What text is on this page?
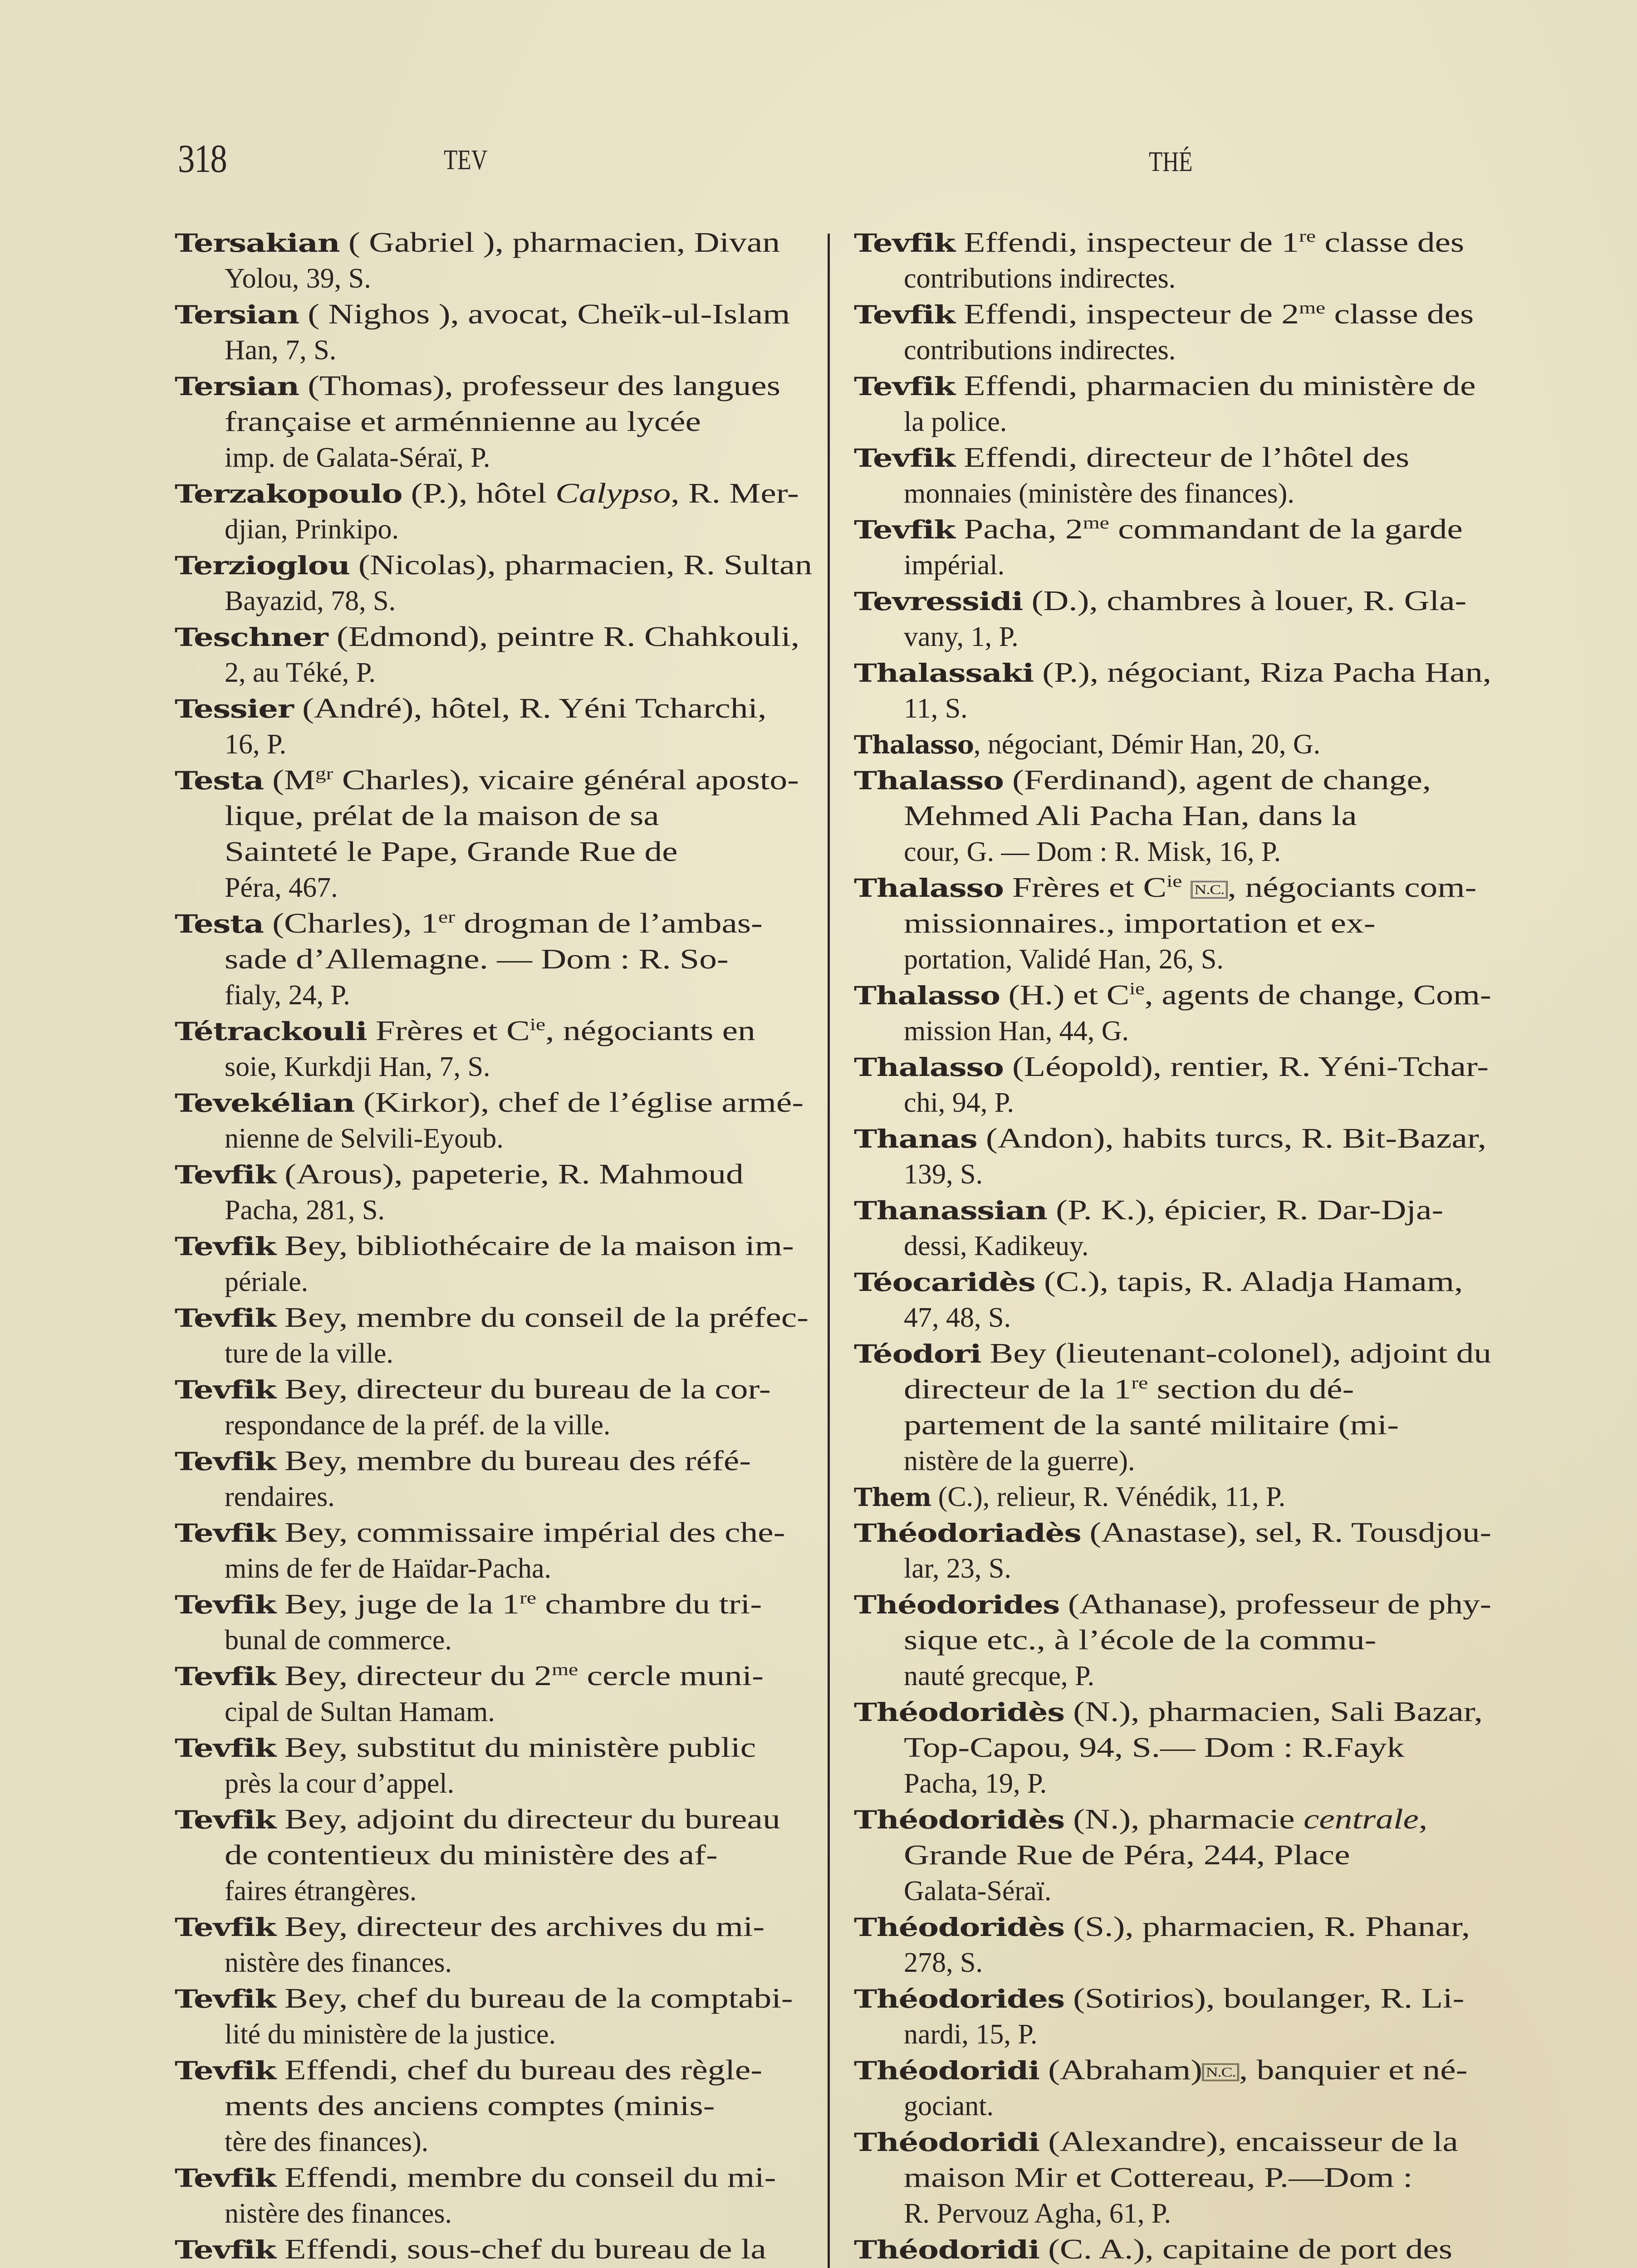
318	TEV	THÉ
Tersakian ( Gabriel ), pharmacien, Divan
Yolou, 39, S.
Tersian ( Nighos ), avocat, Cheïk-ul-Islam
Han, 7, S.
Tersian (Thomas), professeur des langues
française et arménnienne au lycée
imp. de Galata-Séraï, P.
Terzakopoulo (P.), hôtel Calypso, R. Mer-
djian, Prinkipo.
Terzioglou (Nicolas), pharmacien, R. Sultan
Bayazid, 78, S.
Teschner (Edmond), peintre R. Chahkouli,
2, au Téké, P.
Tessier (André), hôtel, R. Yéni Tcharchi,
16, P.
Testa ($M^{gr}$ Charles), vicaire général aposto-
lique, prélat de la maison de sa
Sainteté le Pape, Grande Rue de
Péra, 467.
Testa (Charles), 1er drogman de l’ambas-
sade d’Allemagne. — Dom : R. So-
fialy, 24, P.
Tétrackouli Frères et $C^{ie}$, négociants en
soie, Kurkdji Han, 7, S.
Tevekélian (Kirkor), chef de l’église armé-
nienne de Selvili-Eyoub.
Tevfik (Arous), papeterie, R. Mahmoud
Pacha, 281, S.
Tevfik Bey, bibliothécaire de la maison im-
périale.
Tevfik Bey, membre du conseil de la préfec-
ture de la ville.
Tevfik Bey, directeur du bureau de la cor-
respondance de la préf. de la ville.
Tevfik Bey, membre du bureau des réfé-
rendaires.
Tevfik Bey, commissaire impérial des che-
mins de fer de Haïdar-Pacha.
Tevfik Bey, juge de la 1re chambre du tri-
bunal de commerce.
Tevfik Bey, directeur du $2^{me}$ cercle muni-
cipal de Sultan Hamam.
Tevfik Bey, substitut du ministère public
près la cour d’appel.
Tevfik Bey, adjoint du directeur du bureau
de contentieux du ministère des af-
faires étrangères.
Tevfik Bey, directeur des archives du mi-
nistère des finances.
Tevfik Bey, chef du bureau de la comptabi-
lité du ministère de la justice.
Tevfik Effendi, chef du bureau des règle-
ments des anciens comptes (minis-
tère des finances).
Tevfik Effendi, membre du conseil du mi-
nistère des finances.
Tevfik Effendi, sous-chef du bureau de la
Tevfik Effendi, inspecteur de 1re classe des
contributions indirectes.
Tevfik Effendi, inspecteur de $2^{me}$ classe des
contributions indirectes.
Tevfik Effendi, pharmacien du ministère de
la police.
Tevfik Effendi, directeur de l’hôtel des
monnaies (ministère des finances).
Tevfik Pacha, $2^{me}$ commandant de la garde
impérial.
Tevressidi (D.), chambres à louer, R. Gla-
vany, 1, P.
Thalassaki (P.), négociant, Riza Pacha Han,
11, S.
Thalasso, négociant, Démir Han, 20, G.
Thalasso (Ferdinand), agent de change,
Mehmed Ali Pacha Han, dans la
cour, G. — Dom : R. Misk, 16, P.
Thalasso Frères et $C^{ie}$ N.C. , négociants com-
missionnaires., importation et ex-
portation, Validé Han, 26, S.
Thalasso (H.) et $C^{ie}$, agents de change, Com-
mission Han, 44, G.
Thalasso (Léopold), rentier, R. Yéni-Tchar-
chi, 94, P.
Thanas (Andon), habits turcs, R. Bit-Bazar,
139, S.
Thanassian (P. K.), épicier, R. Dar-Dja-
dessi, Kadikeuy.
Téocaridès (C.), tapis, R. Aladja Hamam,
47, 48, S.
Téodori Bey (lieutenant-colonel), adjoint du
directeur de la 1re section du dé-
partement de la santé militaire (mi-
nistère de la guerre).
Them (C.), relieur, R. Vénédik, 11, P.
Théodoriadès (Anastase), sel, R. Tousdjou-
lar, 23, S.
Théodorides (Athanase), professeur de phy-
sique etc., à l’école de la commu-
nauté grecque, P.
Théodoridès (N.), pharmacien, Sali Bazar,
Top-Capou, 94, S.— Dom : R.Fayk
Pacha, 19, P.
Théodoridès (N.), pharmacie centrale,
Grande Rue de Péra, 244, Place
Galata-Séraï.
Théodoridès (S.), pharmacien, R. Phanar,
278, S.
Théodorides (Sotirios), boulanger, R. Li-
nardi, 15, P.
Théodoridi (Abraham) N.C. , banquier et né-
gociant.
Théodoridi (Alexandre), encaisseur de la
maison Mir et Cottereau, P.—Dom :
R. Pervouz Agha, 61, P.
Théodoridi (C. A.), capitaine de port des
